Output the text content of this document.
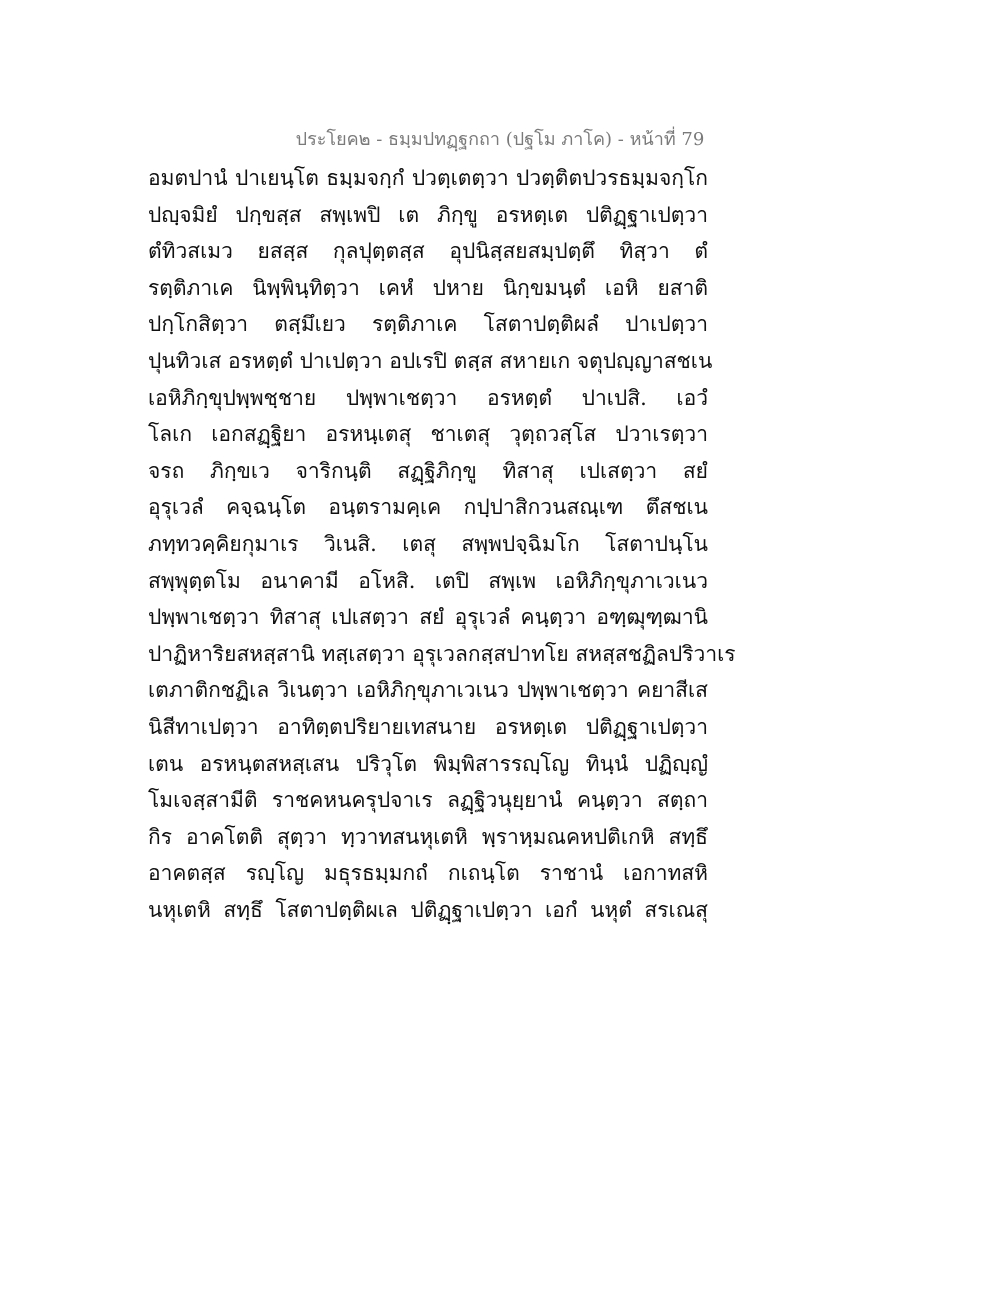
ประโยค๒ - ธมฺมปทฏฺฐกถา (ปฐโม ภาโค) - หน้าที่ 79
อมตปานํ ปาเยนฺโต ธมฺมจกฺกํ ปวตฺเตตฺวา ปวตฺติตปวรธมฺมจกฺโก
ปญฺจมิยํ ปกฺขสฺส สพฺเพปิ เต ภิกฺขู อรหตฺเต ปติฏฺฐาเปตฺวา
ตํทิวสเมว ยสสฺส กุลปุตฺตสฺส อุปนิสฺสยสมฺปตฺตึ ทิสฺวา ตํ
รตฺติภาเค นิพฺพินฺทิตฺวา เคหํ ปหาย นิกฺขมนฺตํ เอหิ ยสาติ
ปกฺโกสิตฺวา ตสฺมึเยว รตฺติภาเค โสตาปตฺติผลํ ปาเปตฺวา
ปุนทิวเส อรหตฺตํ ปาเปตฺวา อปเรปิ ตสฺส สหายเก จตุปญฺญาสชเน
เอหิภิกฺขุปพฺพชฺชาย ปพฺพาเชตฺวา อรหตฺตํ ปาเปสิ. เอวํ
โลเก เอกสฏฺฐิยา อรหนฺเตสุ ชาเตสุ วุตฺถวสฺโส ปวาเรตฺวา
จรถ ภิกฺขเว จาริกนฺติ สฏฺฐิภิกฺขู ทิสาสุ เปเสตฺวา สยํ
อุรุเวลํ คจฺฉนฺโต อนฺตรามคฺเค กปฺปาสิกวนสณฺเฑ ตึสชเน
ภทฺทวคฺคิยกุมาเร วิเนสิ. เตสุ สพฺพปจฺฉิมโก โสตาปนฺโน
สพฺพุตฺตโม อนาคามี อโหสิ. เตปิ สพฺเพ เอหิภิกฺขุภาเวเนว
ปพฺพาเชตฺวา ทิสาสุ เปเสตฺวา สยํ อุรุเวลํ คนฺตฺวา อฑฺฒุฑฺฒานิ
ปาฏิหาริยสหสฺสานิ ทสฺเสตฺวา อุรุเวลกสฺสปาทโย สหสฺสชฏิลปริวาเร
เตภาติกชฏิเล วิเนตฺวา เอหิภิกฺขุภาเวเนว ปพฺพาเชตฺวา คยาสีเส
นิสีทาเปตฺวา อาทิตฺตปริยายเทสนาย อรหตฺเต ปติฏฺฐาเปตฺวา
เตน อรหนฺตสหสฺเสน ปริวุโต พิมฺพิสารรญฺโญ ทินฺนํ ปฏิญฺญํ
โมเจสฺสามีติ ราชคหนครุปจาเร ลฏฺฐิวนุยฺยานํ คนฺตฺวา สตฺถา
กิร อาคโตติ สุตฺวา ทฺวาทสนหุเตหิ พฺราหฺมณคหปติเกหิ สทฺธึ
อาคตสฺส รญฺโญ มธุรธมฺมกถํ กเถนฺโต ราชานํ เอกาทสหิ
นหุเตหิ สทฺธึ โสตาปตฺติผเล ปติฏฺฐาเปตฺวา เอกํ นหุตํ สรเณสุ
